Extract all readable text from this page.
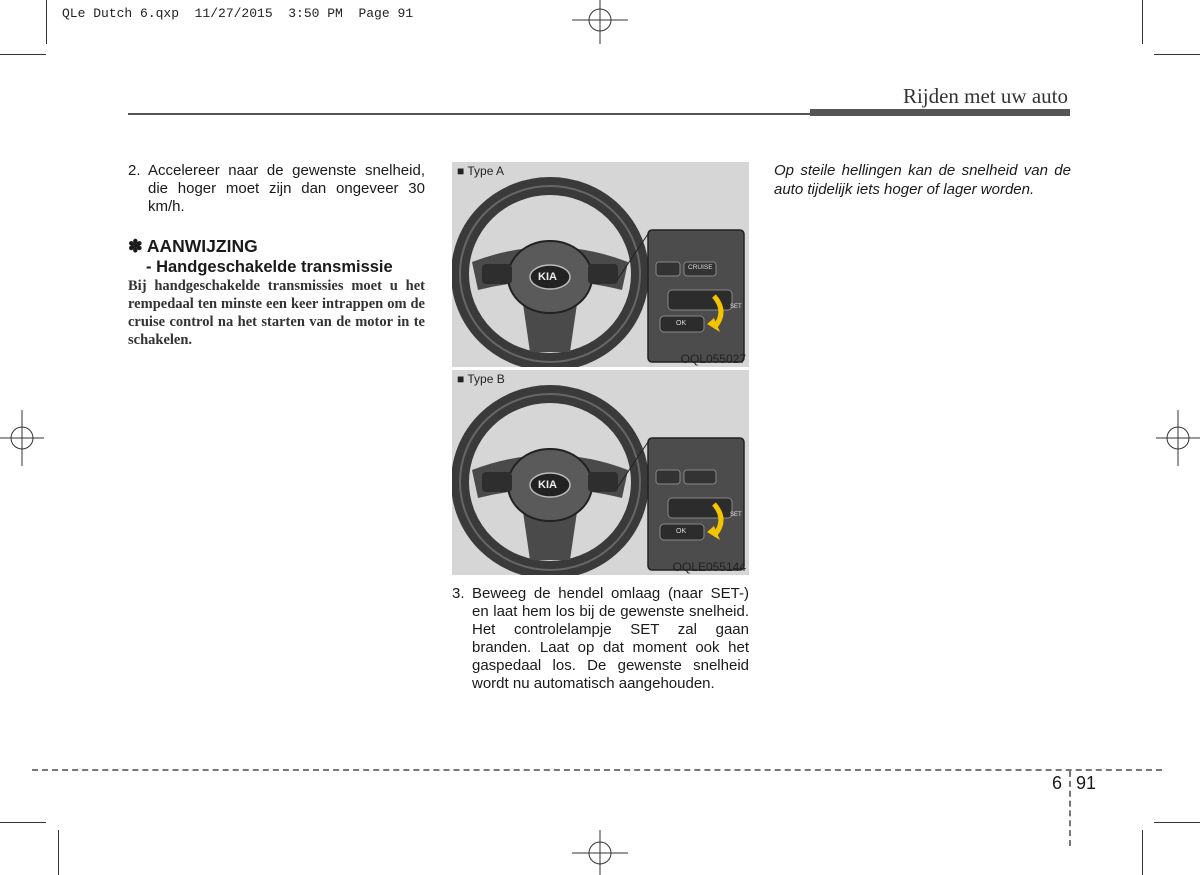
QLe Dutch 6.qxp  11/27/2015  3:50 PM  Page 91
Rijden met uw auto
2. Accelereer naar de gewenste snelheid, die hoger moet zijn dan ongeveer 30 km/h.
✽ AANWIJZING
- Handgeschakelde transmissie
Bij handgeschakelde transmissies moet u het rempedaal ten minste een keer intrappen om de cruise control na het starten van de motor in te schakelen.
KIA
CRUISE
OK
SET
■ Type A
OQL055027
KIA
OK
SET
■ Type B
OQLE055144
3. Beweeg de hendel omlaag (naar SET-) en laat hem los bij de gewenste snelheid. Het controlelampje SET zal gaan branden. Laat op dat moment ook het gaspedaal los. De gewenste snelheid wordt nu automatisch aangehouden.
Op steile hellingen kan de snelheid van de auto tijdelijk iets hoger of lager worden.
6 91
